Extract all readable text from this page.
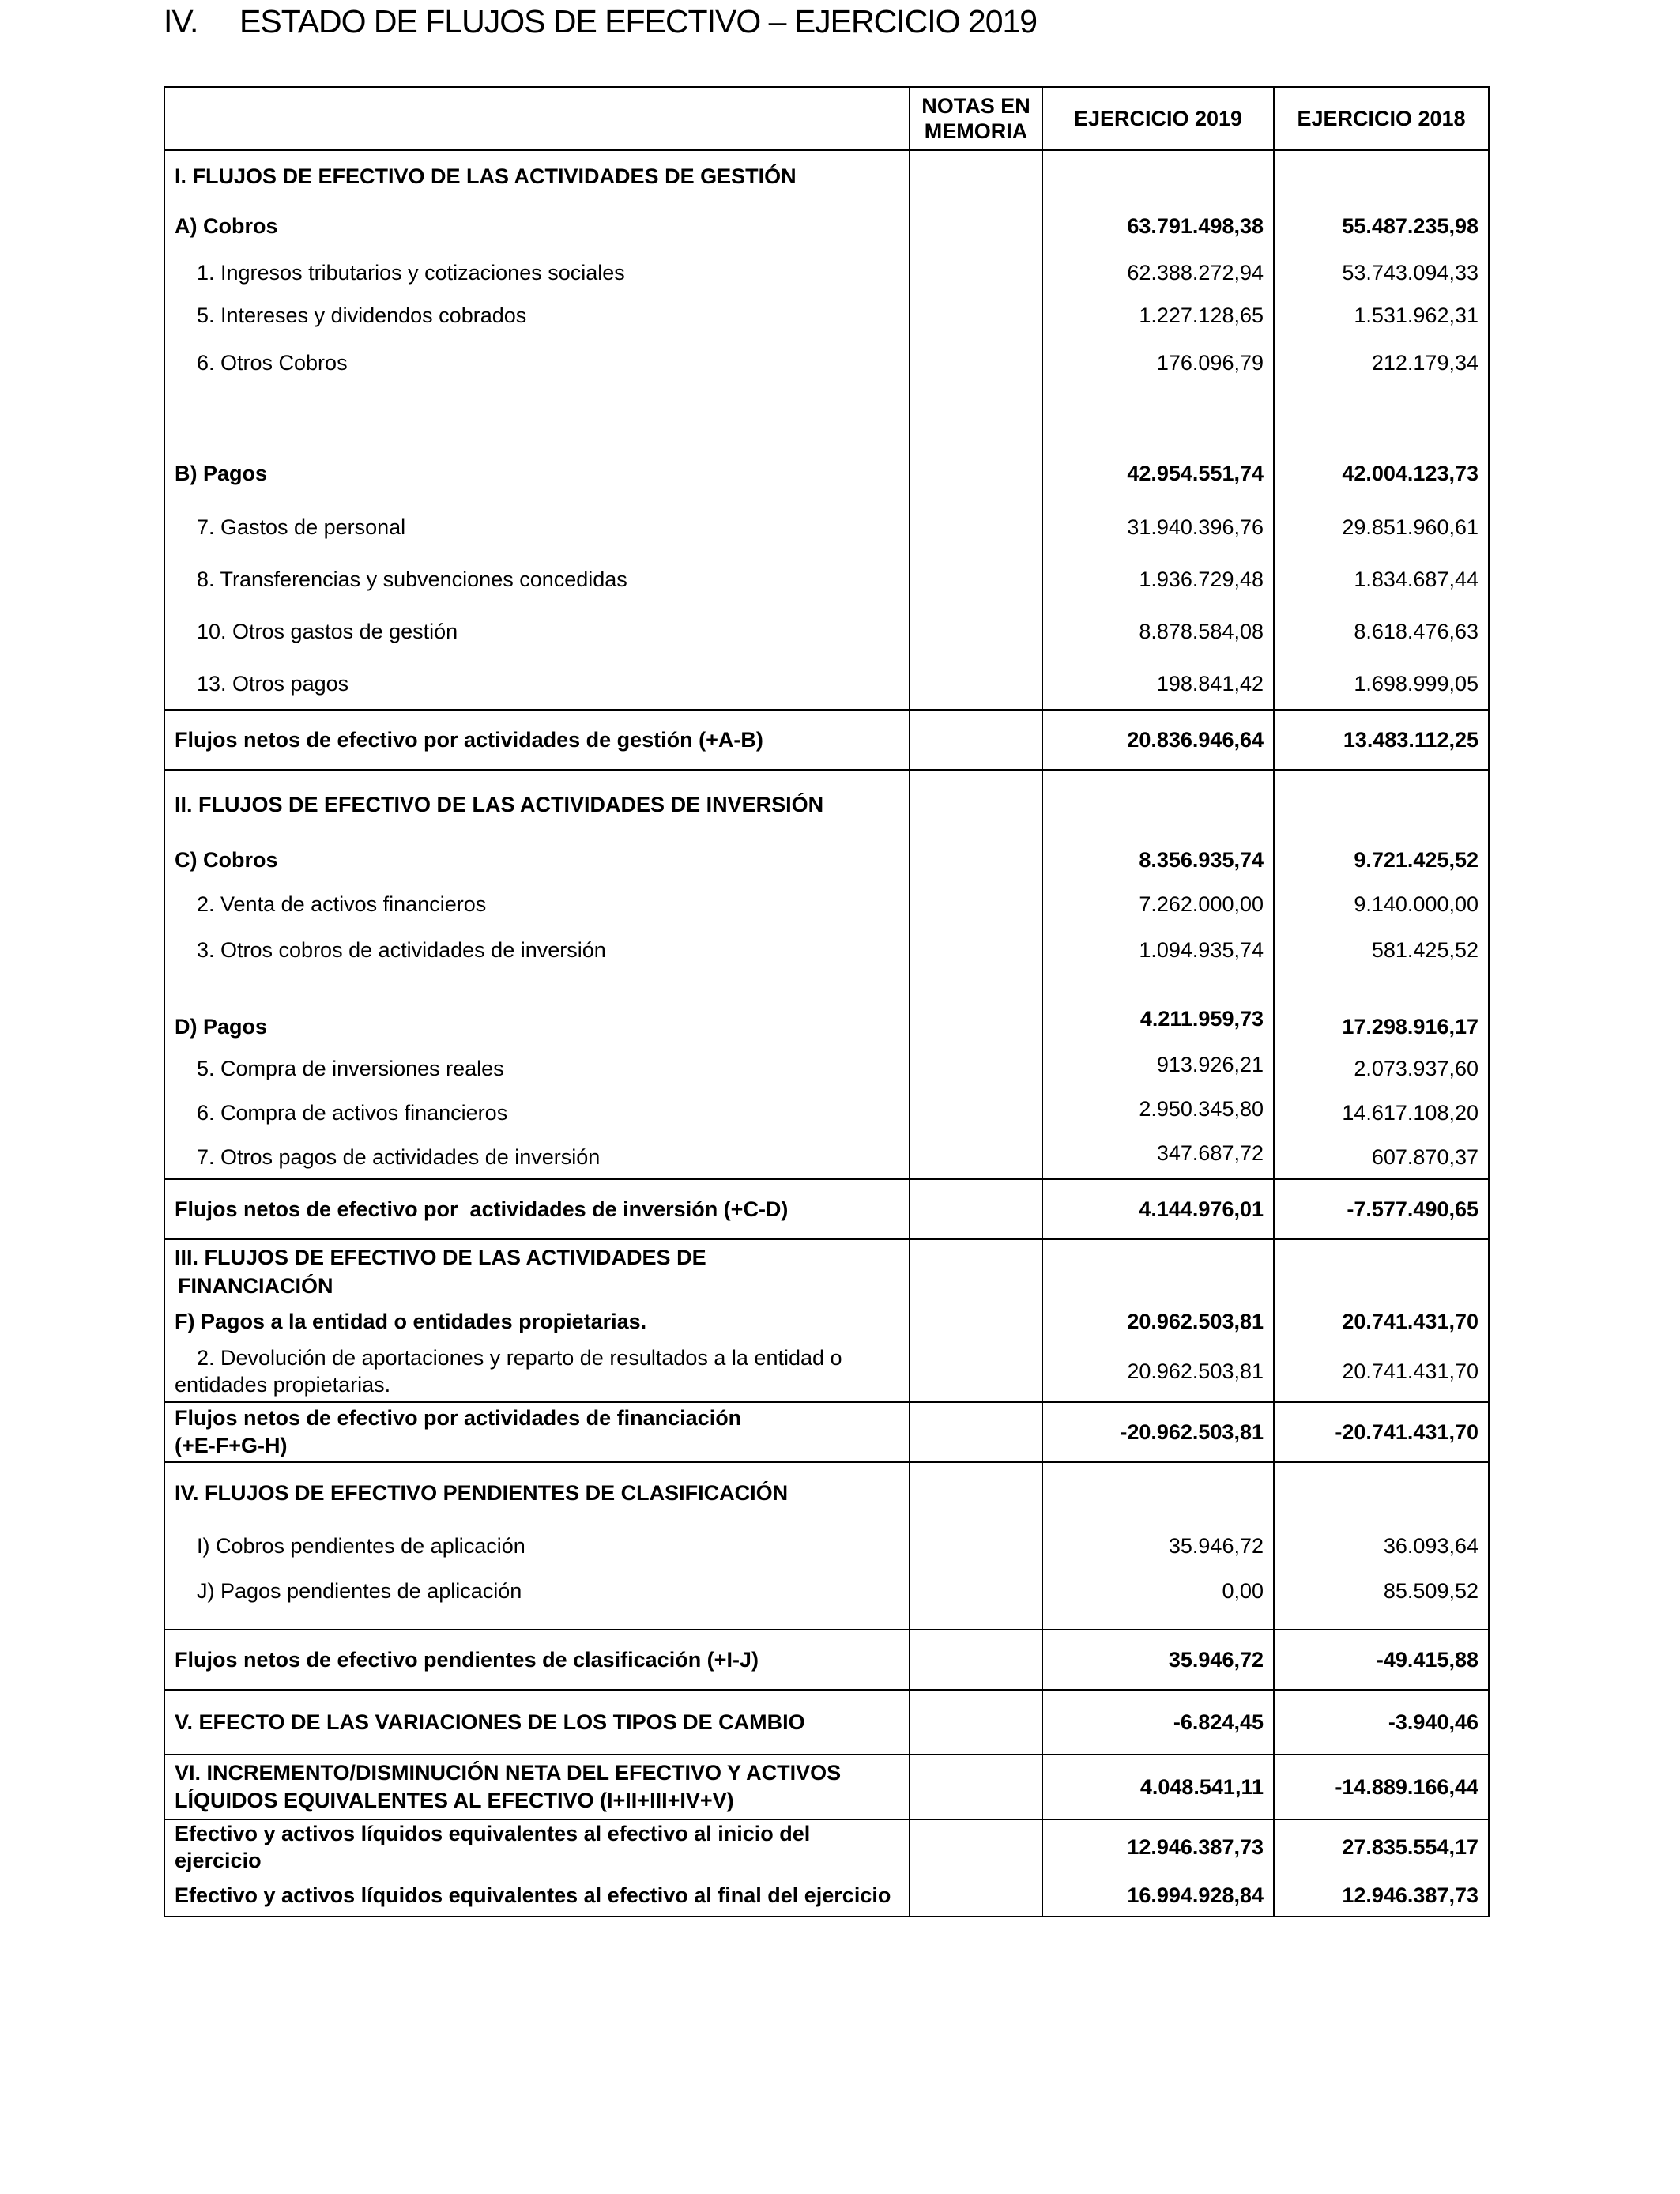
IV. ESTADO DE FLUJOS DE EFECTIVO – EJERCICIO 2019
	NOTAS EN MEMORIA	EJERCICIO 2019	EJERCICIO 2018
I. FLUJOS DE EFECTIVO DE LAS ACTIVIDADES DE GESTIÓN			
A) Cobros		63.791.498,38	55.487.235,98
1. Ingresos tributarios y cotizaciones sociales		62.388.272,94	53.743.094,33
5. Intereses y dividendos cobrados		1.227.128,65	1.531.962,31
6. Otros Cobros		176.096,79	212.179,34
B) Pagos		42.954.551,74	42.004.123,73
7. Gastos de personal		31.940.396,76	29.851.960,61
8. Transferencias y subvenciones concedidas		1.936.729,48	1.834.687,44
10. Otros gastos de gestión		8.878.584,08	8.618.476,63
13. Otros pagos		198.841,42	1.698.999,05
Flujos netos de efectivo por actividades de gestión (+A-B)		20.836.946,64	13.483.112,25
II. FLUJOS DE EFECTIVO DE LAS ACTIVIDADES DE INVERSIÓN			
C) Cobros		8.356.935,74	9.721.425,52
2. Venta de activos financieros		7.262.000,00	9.140.000,00
3. Otros cobros de actividades de inversión		1.094.935,74	581.425,52
D) Pagos		4.211.959,73	17.298.916,17
5. Compra de inversiones reales		913.926,21	2.073.937,60
6. Compra de activos financieros		2.950.345,80	14.617.108,20
7. Otros pagos de actividades de inversión		347.687,72	607.870,37
Flujos netos de efectivo por  actividades de inversión (+C-D)		4.144.976,01	-7.577.490,65

III. FLUJOS DE EFECTIVO DE LAS ACTIVIDADES DE
FINANCIACIÓN			

F) Pagos a la entidad o entidades propietarias.		20.962.503,81	20.741.431,70

2. Devolución de aportaciones y reparto de resultados a la entidad o
entidades propietarias.		20.962.503,81	20.741.431,70

Flujos netos de efectivo por actividades de financiación
(+E-F+G-H)		-20.962.503,81	-20.741.431,70
IV. FLUJOS DE EFECTIVO PENDIENTES DE CLASIFICACIÓN			
I) Cobros pendientes de aplicación		35.946,72	36.093,64
J) Pagos pendientes de aplicación		0,00	85.509,52
Flujos netos de efectivo pendientes de clasificación (+I-J)		35.946,72	-49.415,88
V. EFECTO DE LAS VARIACIONES DE LOS TIPOS DE CAMBIO		-6.824,45	-3.940,46

VI. INCREMENTO/DISMINUCIÓN NETA DEL EFECTIVO Y ACTIVOS
LÍQUIDOS EQUIVALENTES AL EFECTIVO (I+II+III+IV+V)		4.048.541,11	-14.889.166,44
Efectivo y activos líquidos equivalentes al efectivo al inicio del ejercicio		12.946.387,73	27.835.554,17
Efectivo y activos líquidos equivalentes al efectivo al final del ejercicio		16.994.928,84	12.946.387,73
